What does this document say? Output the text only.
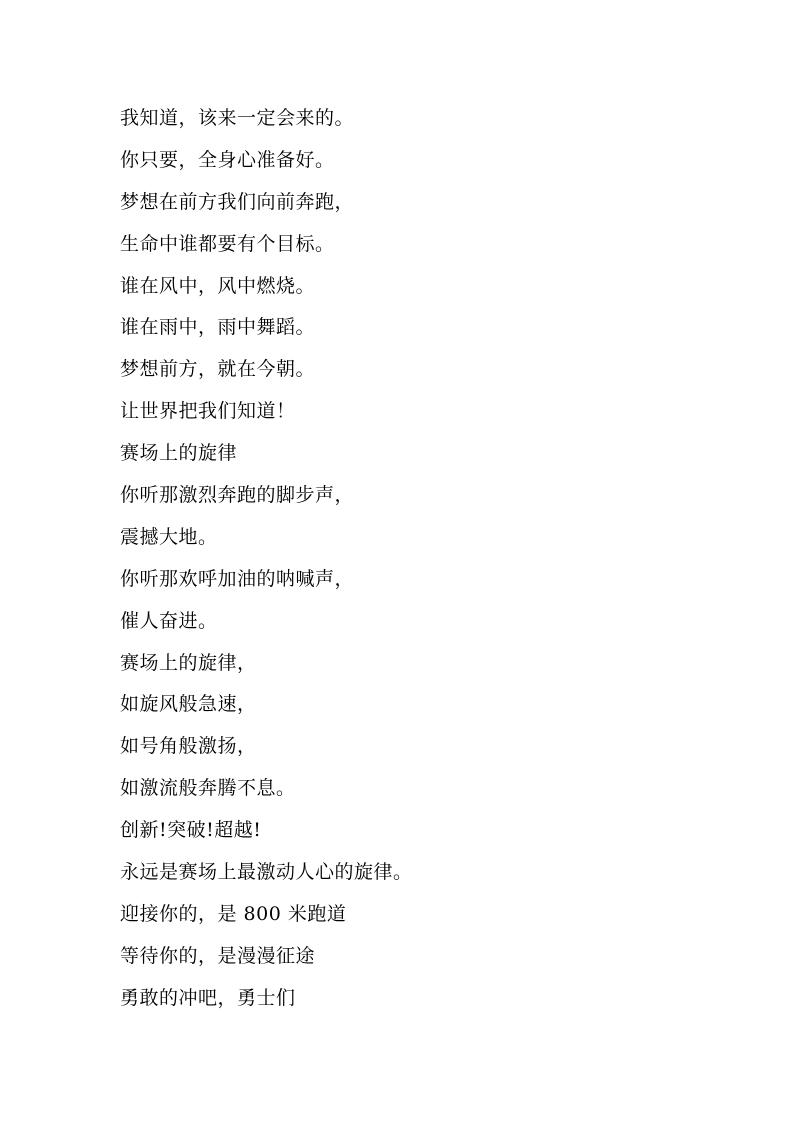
我知道，该来一定会来的。
你只要，全身心准备好。
梦想在前方我们向前奔跑，
生命中谁都要有个目标。
谁在风中，风中燃烧。
谁在雨中，雨中舞蹈。
梦想前方，就在今朝。
让世界把我们知道！
赛场上的旋律
你听那激烈奔跑的脚步声，
震撼大地。
你听那欢呼加油的呐喊声，
催人奋进。
赛场上的旋律，
如旋风般急速，
如号角般激扬，
如激流般奔腾不息。
创新!突破!超越!
永远是赛场上最激动人心的旋律。
迎接你的，是 800 米跑道
等待你的，是漫漫征途
勇敢的冲吧，勇士们
